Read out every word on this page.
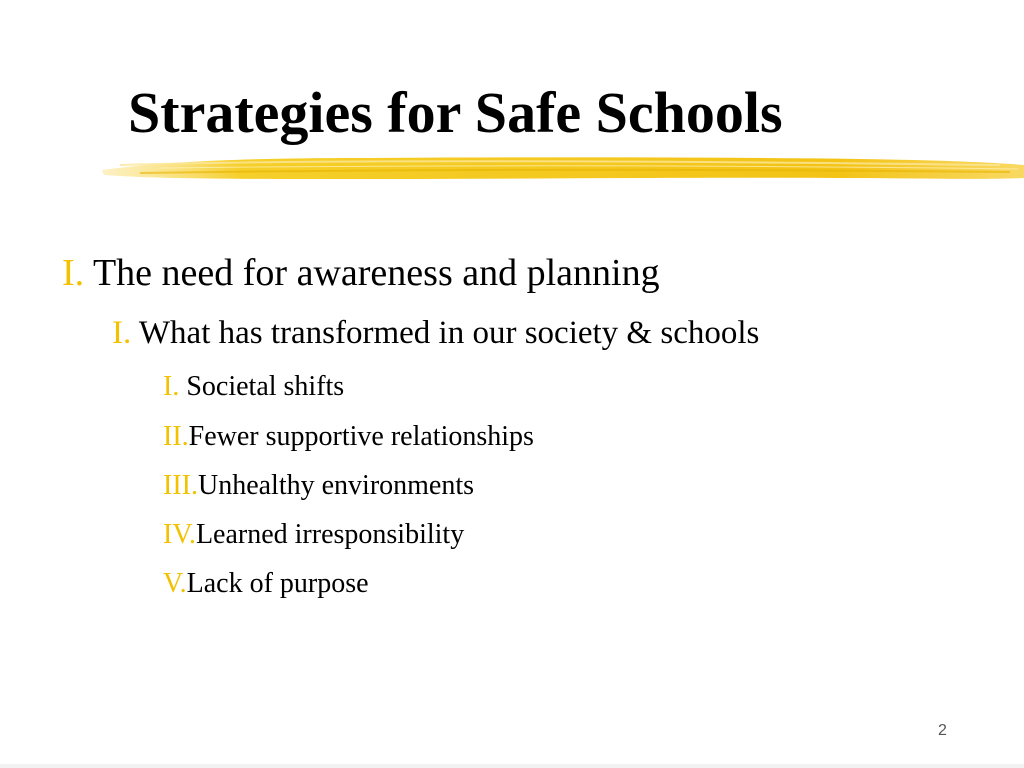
Strategies for Safe Schools
I. The need for awareness and planning
I. What has transformed in our society & schools
I. Societal shifts
II.Fewer supportive relationships
III.Unhealthy environments
IV.Learned irresponsibility
V.Lack of purpose
2
